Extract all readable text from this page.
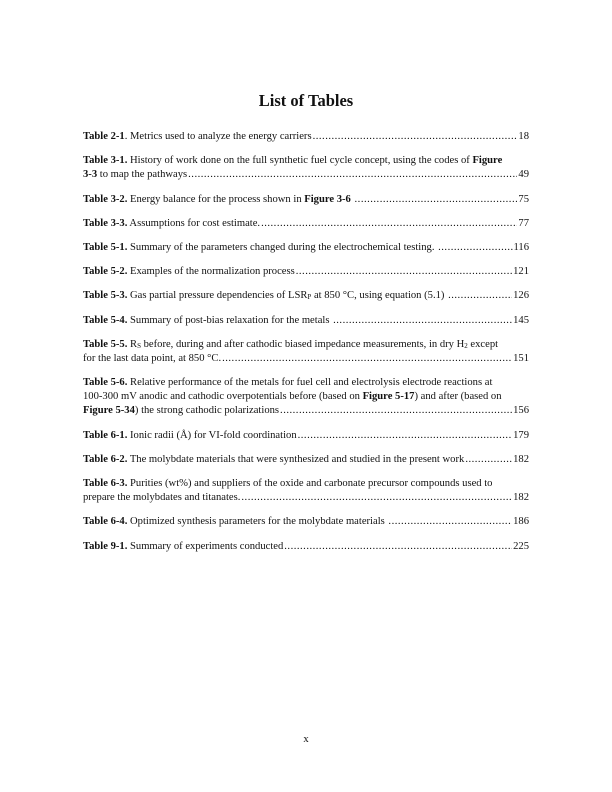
List of Tables
Table 2-1. Metrics used to analyze the energy carriers .....	18
Table 3-1. History of work done on the full synthetic fuel cycle concept, using the codes of Figure
3-3 to map the pathways .....	49
Table 3-2. Energy balance for the process shown in Figure 3-6 .....	75
Table 3-3. Assumptions for cost estimate. .....	77
Table 5-1. Summary of the parameters changed during the electrochemical testing. .....	116
Table 5-2. Examples of the normalization process .....	121
Table 5-3. Gas partial pressure dependencies of $LSR_P$ at 850 °C, using equation (5.1) .....	126
Table 5-4. Summary of post-bias relaxation for the metals .....	145
Table 5-5. $R_S$ before, during and after cathodic biased impedance measurements, in dry $H_2$ except
for the last data point, at 850 °C. .....	151
Table 5-6. Relative performance of the metals for fuel cell and electrolysis electrode reactions at
100-300 mV anodic and cathodic overpotentials before (based on Figure 5-17) and after (based on
Figure 5-34) the strong cathodic polarizations .....	156
Table 6-1. Ionic radii (Å) for VI-fold coordination .....	179
Table 6-2. The molybdate materials that were synthesized and studied in the present work .....	182
Table 6-3. Purities (wt%) and suppliers of the oxide and carbonate precursor compounds used to
prepare the molybdates and titanates. .....	182
Table 6-4. Optimized synthesis parameters for the molybdate materials .....	186
Table 9-1. Summary of experiments conducted .....	225
x
